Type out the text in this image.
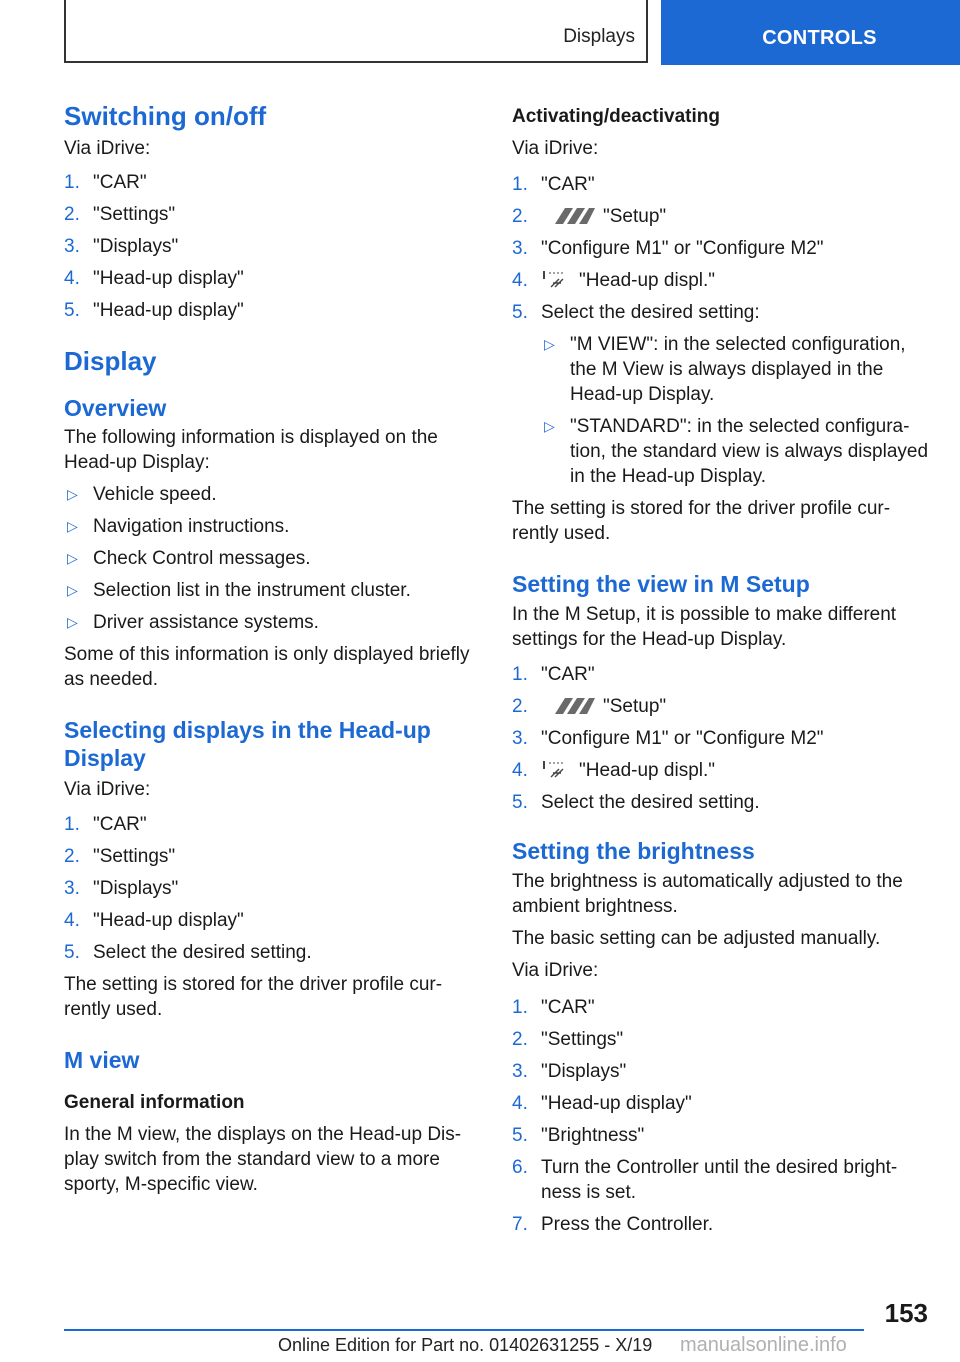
Displays	CONTROLS
Switching on/off

Via iDrive:

1. "CAR"
2. "Settings"
3. "Displays"
4. "Head-up display"
5. "Head-up display"
Display
Overview

The following information is displayed on the Head-up Display:

▷ Vehicle speed.
▷ Navigation instructions.
▷ Check Control messages.
▷ Selection list in the instrument cluster.
▷ Driver assistance systems.

Some of this information is only displayed briefly as needed.

Selecting displays in the Head-up Display

Via iDrive:

1. "CAR"
2. "Settings"
3. "Displays"
4. "Head-up display"
5. Select the desired setting.

The setting is stored for the driver profile cur‐rently used.

M view
General information

In the M view, the displays on the Head-up Dis‐play switch from the standard view to a more sporty, M-specific view.

Activating/deactivating

Via iDrive:

1. "CAR"
2.	"Setup"
3. "Configure M1" or "Configure M2"
4.	"Head-up displ."
5. Select the desired setting:
▷ "M VIEW": in the selected configuration, the M View is always displayed in the Head-up Display.
▷ "STANDARD": in the selected configura‐tion, the standard view is always displayed in the Head-up Display.

The setting is stored for the driver profile cur‐rently used.

Setting the view in M Setup

In the M Setup, it is possible to make different settings for the Head-up Display.

1. "CAR"
2.	"Setup"
3. "Configure M1" or "Configure M2"
4.	"Head-up displ."
5. Select the desired setting.
Setting the brightness

The brightness is automatically adjusted to the ambient brightness.

The basic setting can be adjusted manually.

Via iDrive:

1. "CAR"
2. "Settings"
3. "Displays"
4. "Head-up display"
5. "Brightness"
6. Turn the Controller until the desired bright‐ness is set.
7. Press the Controller.
153
Online Edition for Part no. 01402631255 - X/19 manualsonline.info
